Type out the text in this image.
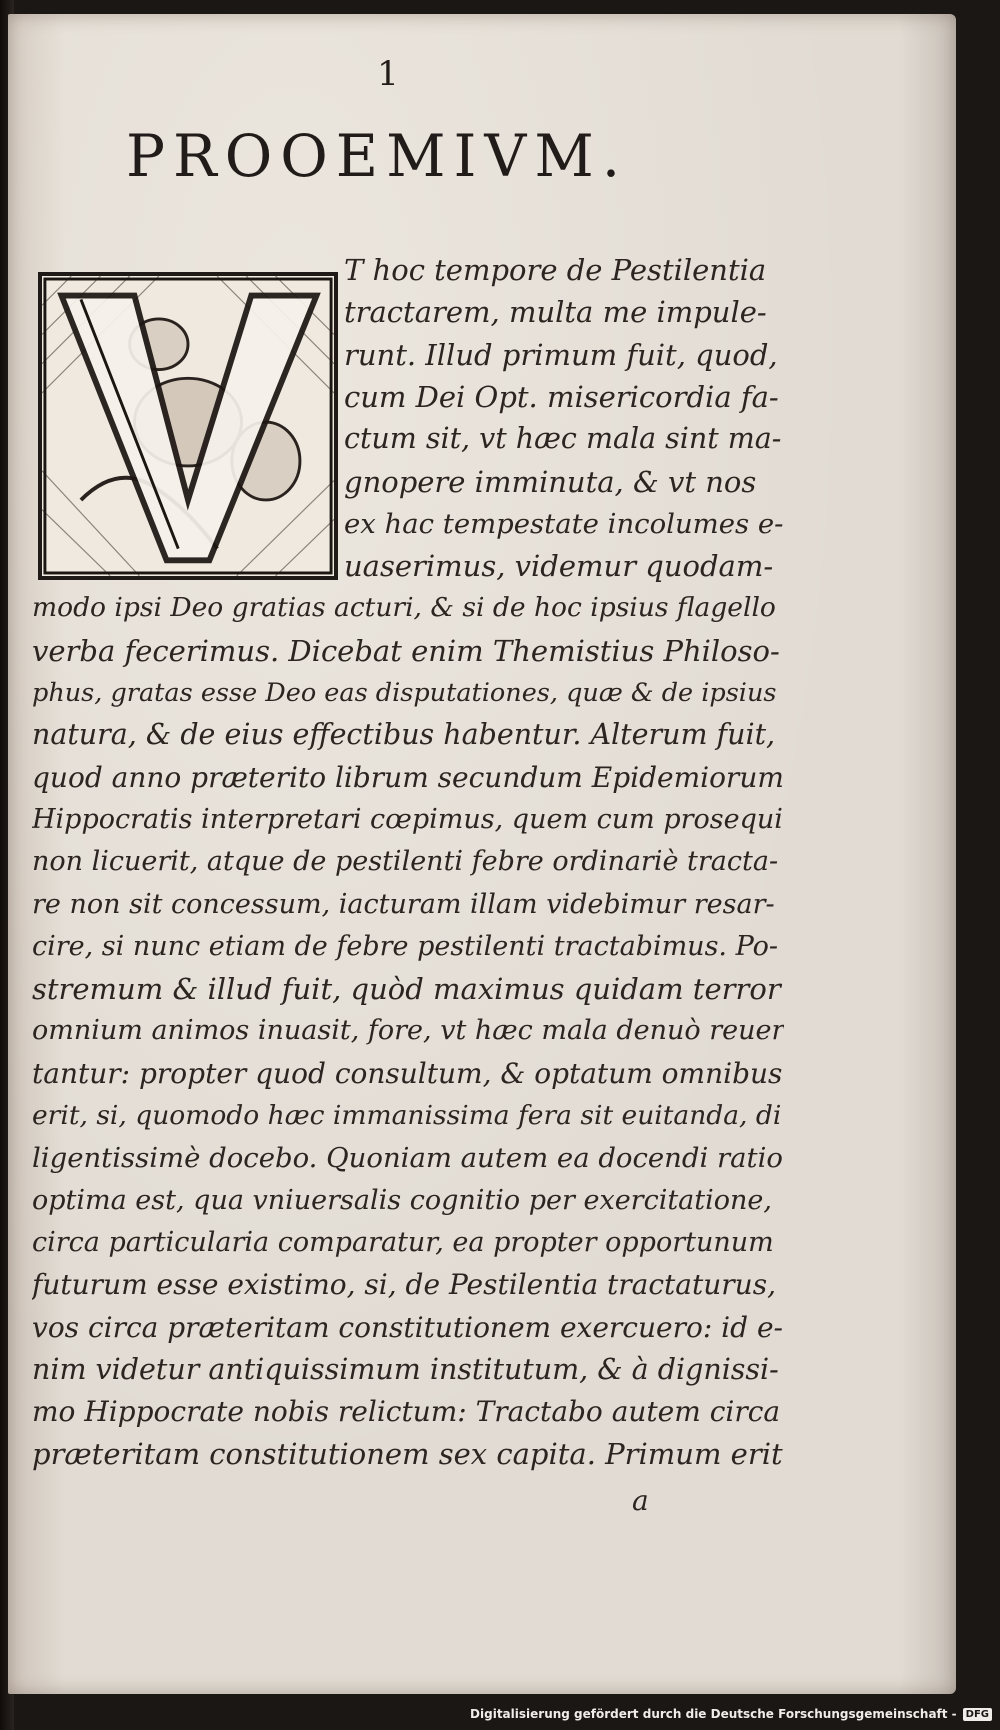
1
PROOEMIVM.
T hoc tempore de Pestilentia
tractarem, multa me impule-
runt. Illud primum fuit, quod,
cum Dei Opt. misericordia fa-
ctum sit, vt hæc mala sint ma-
gnopere imminuta, & vt nos
ex hac tempestate incolumes e-
uaserimus, videmur quodam-
modo ipsi Deo gratias acturi, & si de hoc ipsius flagello
verba fecerimus. Dicebat enim Themistius Philoso-
phus, gratas esse Deo eas disputationes, quæ & de ipsius
natura, & de eius effectibus habentur. Alterum fuit,
quod anno præterito librum secundum Epidemiorum
Hippocratis interpretari cœpimus, quem cum prosequi
non licuerit, atque de pestilenti febre ordinariè tracta-
re non sit concessum, iacturam illam videbimur resar-
cire, si nunc etiam de febre pestilenti tractabimus. Po-
stremum & illud fuit, quòd maximus quidam terror
omnium animos inuasit, fore, vt hæc mala denuò reuer
tantur: propter quod consultum, & optatum omnibus
erit, si, quomodo hæc immanissima fera sit euitanda, di
ligentissimè docebo. Quoniam autem ea docendi ratio
optima est, qua vniuersalis cognitio per exercitatione,
circa particularia comparatur, ea propter opportunum
futurum esse existimo, si, de Pestilentia tractaturus,
vos circa præteritam constitutionem exercuero: id e-
nim videtur antiquissimum institutum, & à dignissi-
mo Hippocrate nobis relictum: Tractabo autem circa
præteritam constitutionem sex capita. Primum erit
a
Digitalisierung gefördert durch die Deutsche Forschungsgemeinschaft - DFG
